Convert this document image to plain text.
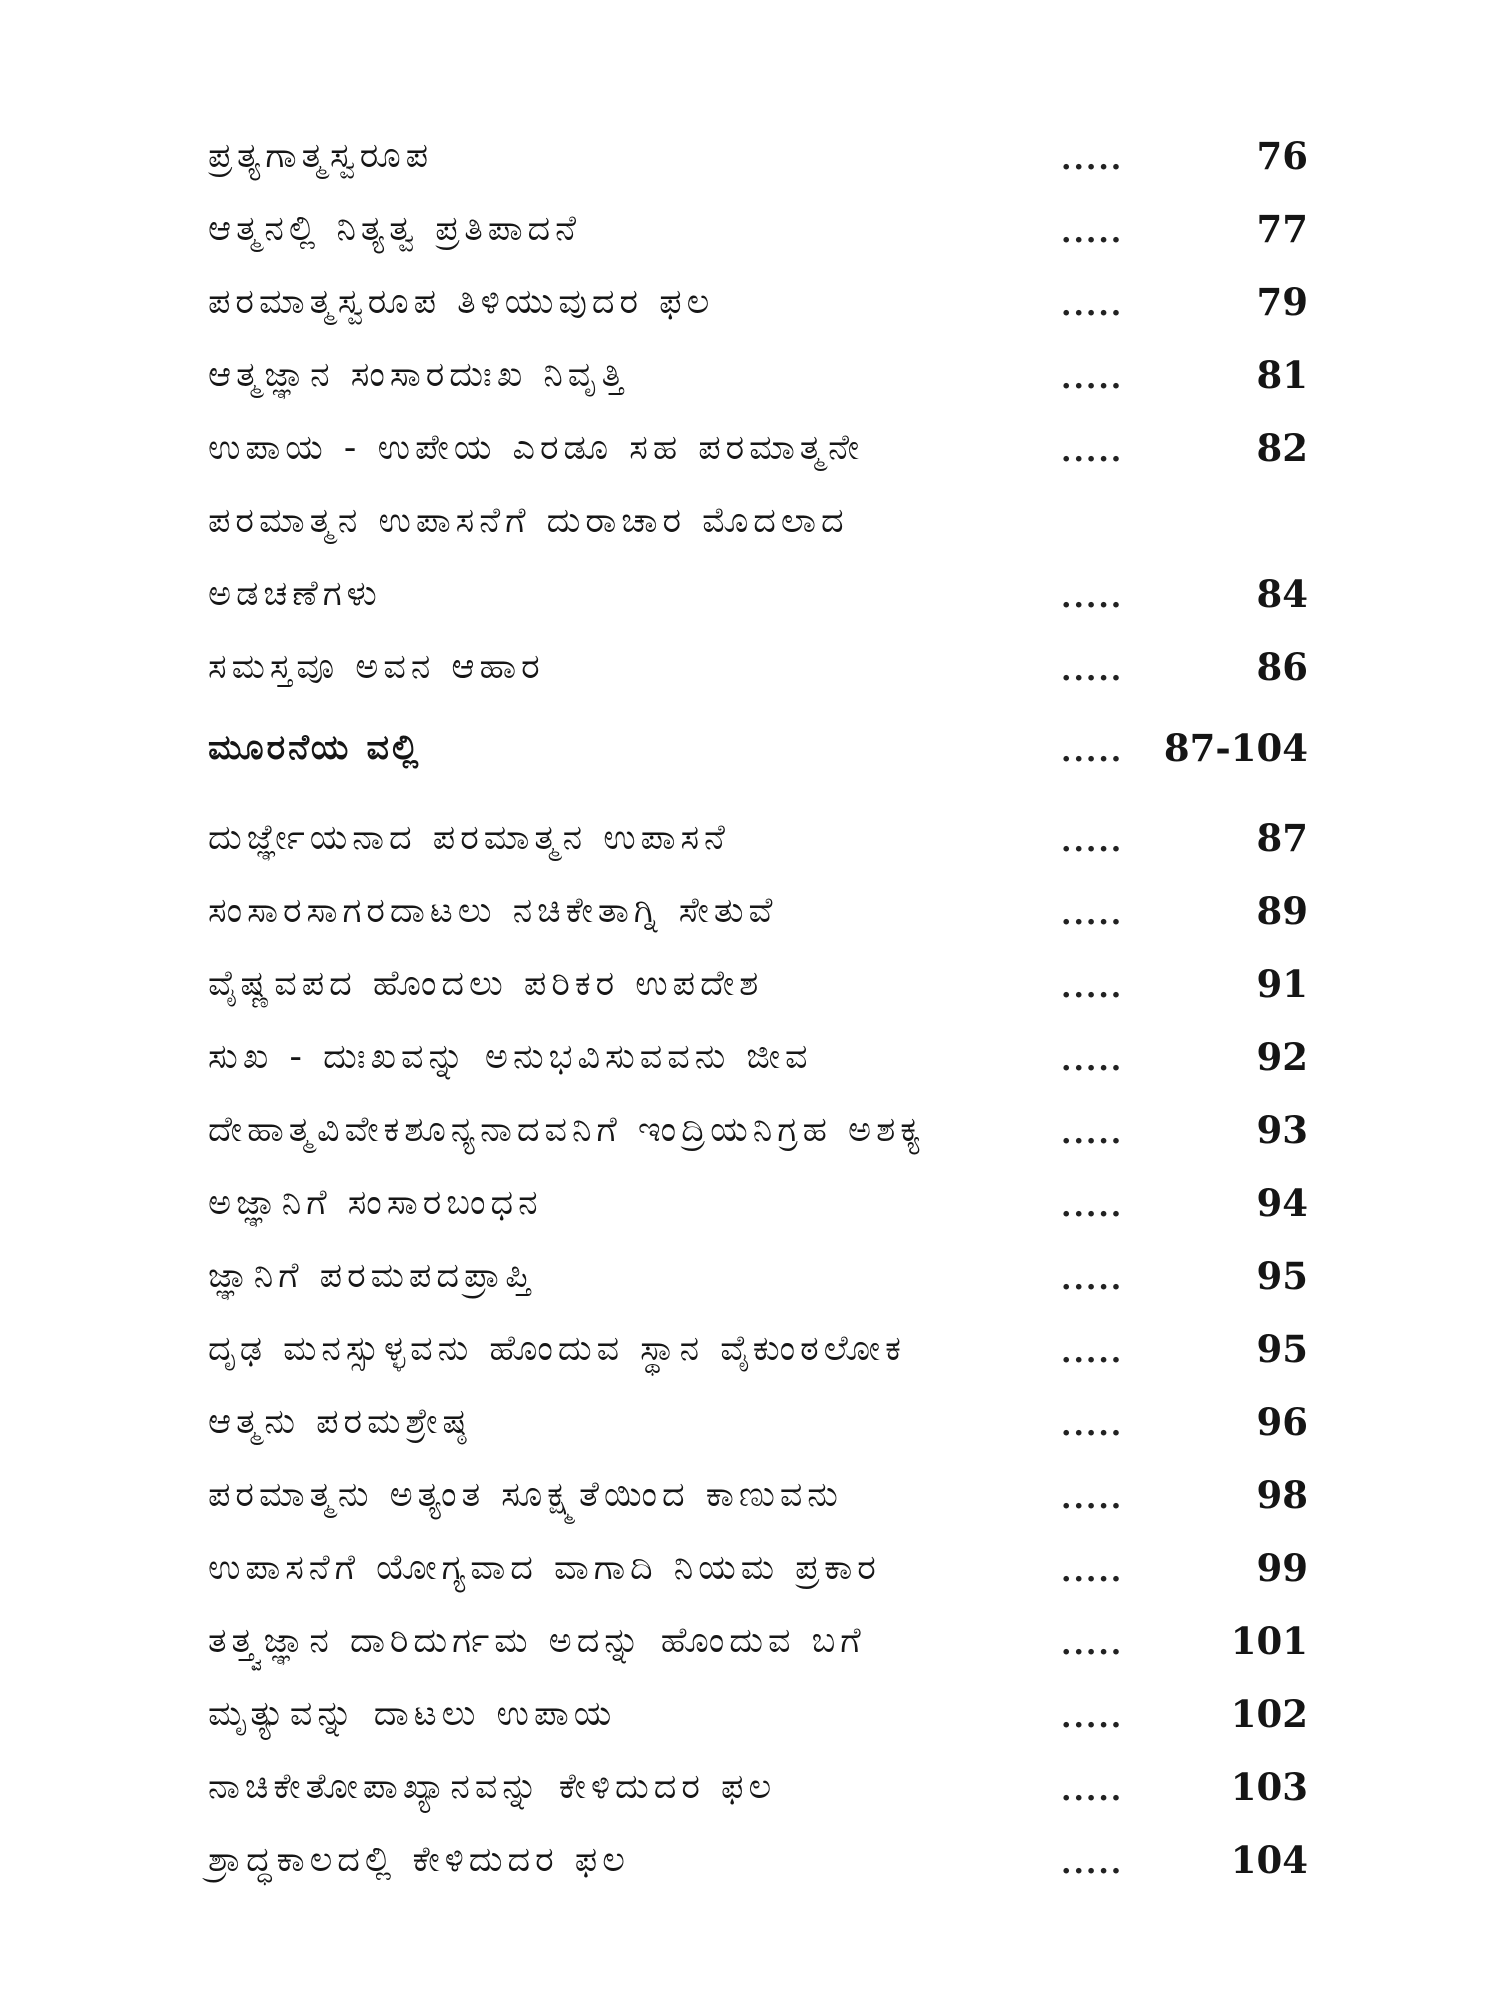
ಪ್ರತ್ಯಗಾತ್ಮಸ್ವರೂಪ	.....	76
ಆತ್ಮನಲ್ಲಿ ನಿತ್ಯತ್ವ ಪ್ರತಿಪಾದನೆ	.....	77
ಪರಮಾತ್ಮಸ್ವರೂಪ ತಿಳಿಯುವುದರ ಫಲ	.....	79
ಆತ್ಮಜ್ಞಾನ ಸಂಸಾರದುಃಖ ನಿವೃತ್ತಿ	.....	81
ಉಪಾಯ - ಉಪೇಯ ಎರಡೂ ಸಹ ಪರಮಾತ್ಮನೇ	.....	82
ಪರಮಾತ್ಮನ ಉಪಾಸನೆಗೆ ದುರಾಚಾರ ಮೊದಲಾದ
ಅಡಚಣೆಗಳು	.....	84
ಸಮಸ್ತವೂ ಅವನ ಆಹಾರ	.....	86
ಮೂರನೆಯ ವಲ್ಲಿ	.....	87-104
ದುರ್ಜ್ಞೇಯನಾದ ಪರಮಾತ್ಮನ ಉಪಾಸನೆ	.....	87
ಸಂಸಾರಸಾಗರದಾಟಲು ನಚಿಕೇತಾಗ್ನಿ ಸೇತುವೆ	.....	89
ವೈಷ್ಣವಪದ ಹೊಂದಲು ಪರಿಕರ ಉಪದೇಶ	.....	91
ಸುಖ - ದುಃಖವನ್ನು ಅನುಭವಿಸುವವನು ಜೀವ	.....	92
ದೇಹಾತ್ಮವಿವೇಕಶೂನ್ಯನಾದವನಿಗೆ ಇಂದ್ರಿಯನಿಗ್ರಹ ಅಶಕ್ಯ	.....	93
ಅಜ್ಞಾನಿಗೆ ಸಂಸಾರಬಂಧನ	.....	94
ಜ್ಞಾನಿಗೆ ಪರಮಪದಪ್ರಾಪ್ತಿ	.....	95
ದೃಢ ಮನಸ್ಸುಳ್ಳವನು ಹೊಂದುವ ಸ್ಥಾನ ವೈಕುಂಠಲೋಕ	.....	95
ಆತ್ಮನು ಪರಮಶ್ರೇಷ್ಠ	.....	96
ಪರಮಾತ್ಮನು ಅತ್ಯಂತ ಸೂಕ್ಷ್ಮತೆಯಿಂದ ಕಾಣುವನು	.....	98
ಉಪಾಸನೆಗೆ ಯೋಗ್ಯವಾದ ವಾಗಾದಿ ನಿಯಮ ಪ್ರಕಾರ	.....	99
ತತ್ತ್ವಜ್ಞಾನ ದಾರಿದುರ್ಗಮ ಅದನ್ನು ಹೊಂದುವ ಬಗೆ	.....	101
ಮೃತ್ಯುವನ್ನು ದಾಟಲು ಉಪಾಯ	.....	102
ನಾಚಿಕೇತೋಪಾಖ್ಯಾನವನ್ನು ಕೇಳಿದುದರ ಫಲ	.....	103
ಶ್ರಾದ್ಧಕಾಲದಲ್ಲಿ ಕೇಳಿದುದರ ಫಲ	.....	104
